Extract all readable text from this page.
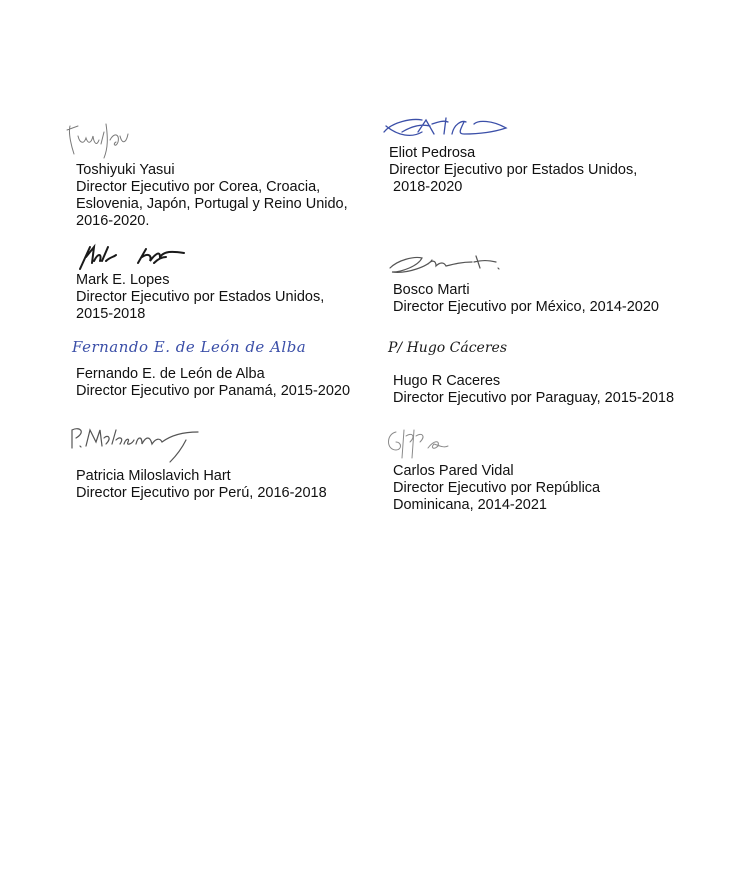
Toshiyuki Yasui
Director Ejecutivo por Corea, Croacia,
Eslovenia, Japón, Portugal y Reino Unido,
2016-2020.
Eliot Pedrosa
Director Ejecutivo por Estados Unidos,
2018-2020
Mark E. Lopes
Director Ejecutivo por Estados Unidos,
2015-2018
Bosco Marti
Director Ejecutivo por México, 2014-2020
Fernando E. de León de Alba	P/ Hugo Cáceres
Fernando E. de León de Alba
Director Ejecutivo por Panamá, 2015-2020
Hugo R Caceres
Director Ejecutivo por Paraguay, 2015-2018
Patricia Miloslavich Hart
Director Ejecutivo por Perú, 2016-2018
Carlos Pared Vidal
Director Ejecutivo por República
Dominicana, 2014-2021
